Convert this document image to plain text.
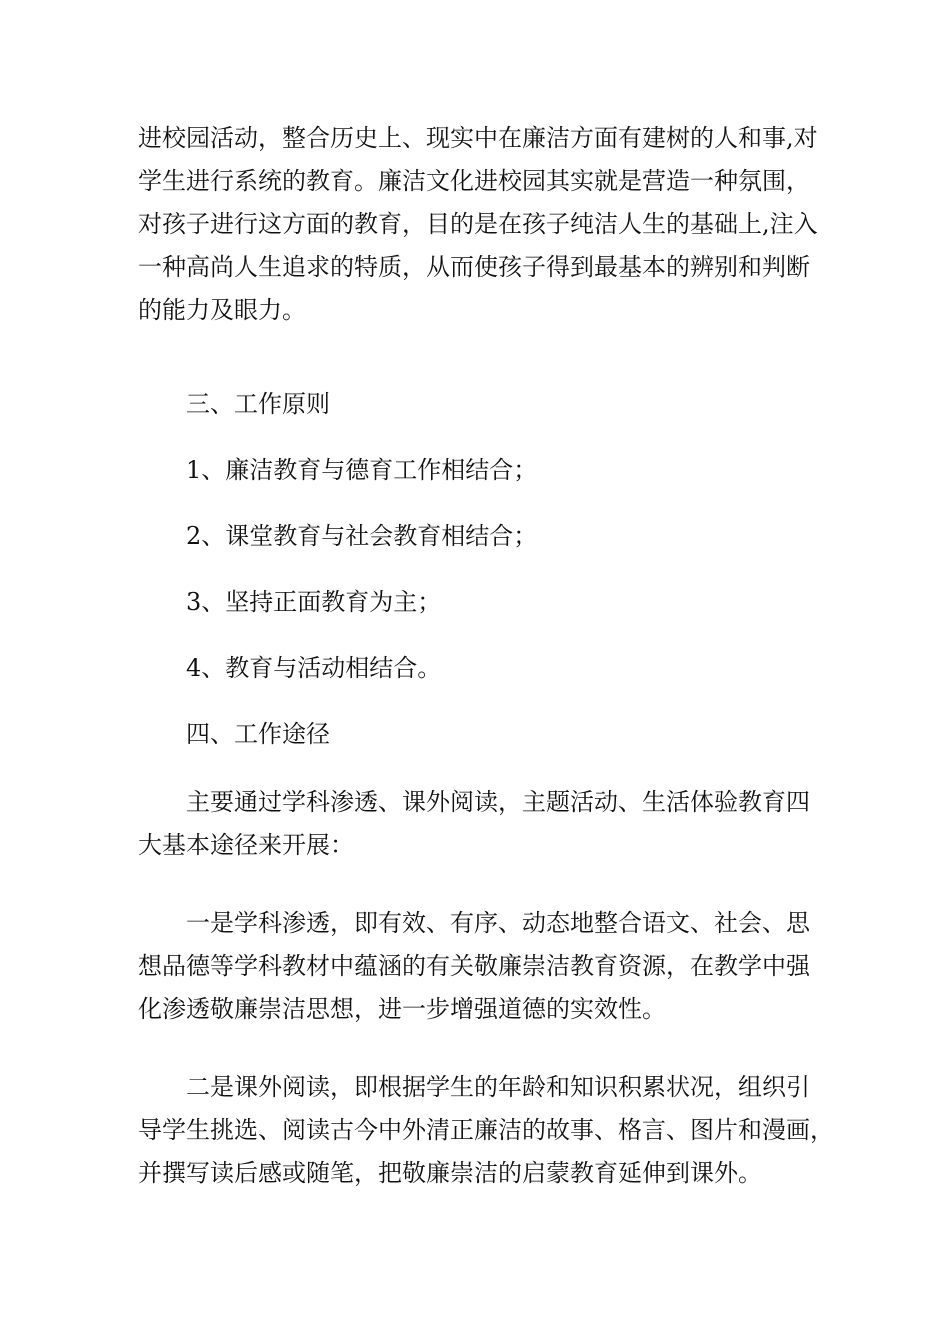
进校园活动，整合历史上、现实中在廉洁方面有建树的人和事,对
学生进行系统的教育。廉洁文化进校园其实就是营造一种氛围，
对孩子进行这方面的教育，目的是在孩子纯洁人生的基础上,注入
一种高尚人生追求的特质，从而使孩子得到最基本的辨别和判断
的能力及眼力。
三、工作原则
1、廉洁教育与德育工作相结合；
2、课堂教育与社会教育相结合；
3、坚持正面教育为主；
4、教育与活动相结合。
四、工作途径
主要通过学科渗透、课外阅读，主题活动、生活体验教育四
大基本途径来开展：
一是学科渗透，即有效、有序、动态地整合语文、社会、思
想品德等学科教材中蕴涵的有关敬廉崇洁教育资源，在教学中强
化渗透敬廉崇洁思想，进一步增强道德的实效性。
二是课外阅读，即根据学生的年龄和知识积累状况，组织引
导学生挑选、阅读古今中外清正廉洁的故事、格言、图片和漫画，
并撰写读后感或随笔，把敬廉崇洁的启蒙教育延伸到课外。
